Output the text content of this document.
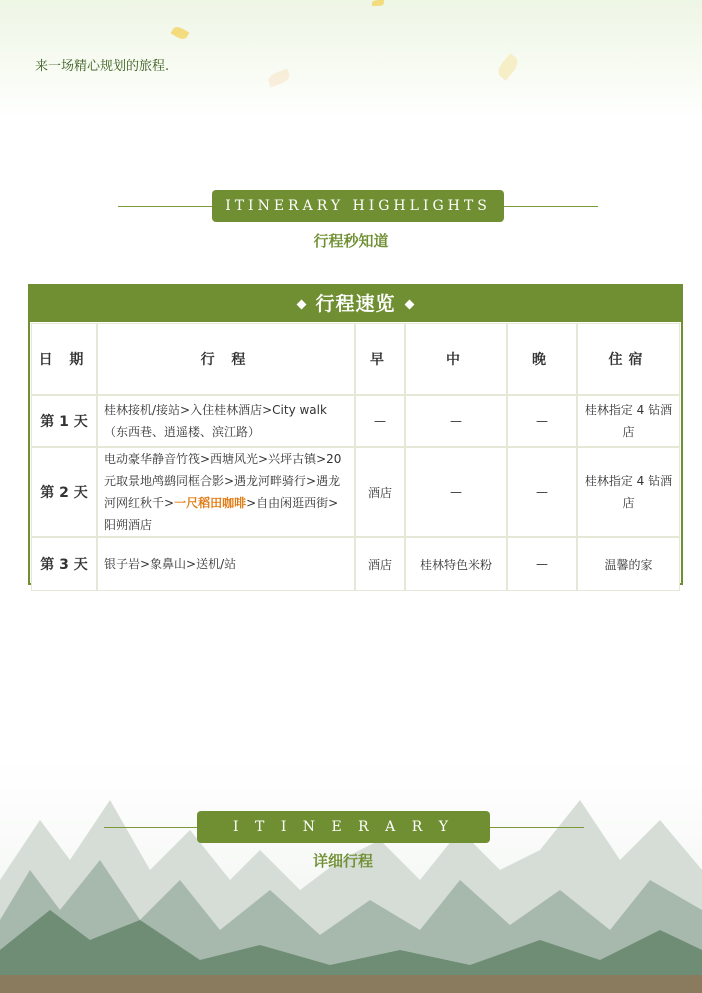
来一场精心规划的旅程.
ITINERARY HIGHLIGHTS
行程秒知道
行程速览
日 期	行 程	早	中	晚	住宿
第 1 天	桂林接机/接站>入住桂林酒店>City walk（东西巷、逍遥楼、滨江路）	—	—	—	桂林指定 4 钻酒店
第 2 天	电动豪华静音竹筏>西塘风光>兴坪古镇>20 元取景地鸬鹚同框合影>遇龙河畔骑行>遇龙河网红秋千>一尺稻田咖啡>自由闲逛西街>阳朔酒店	酒店	—	—	桂林指定 4 钻酒店
第 3 天	银子岩>象鼻山>送机/站	酒店	桂林特色米粉	—	温馨的家
I T I N E R A R Y
详细行程
